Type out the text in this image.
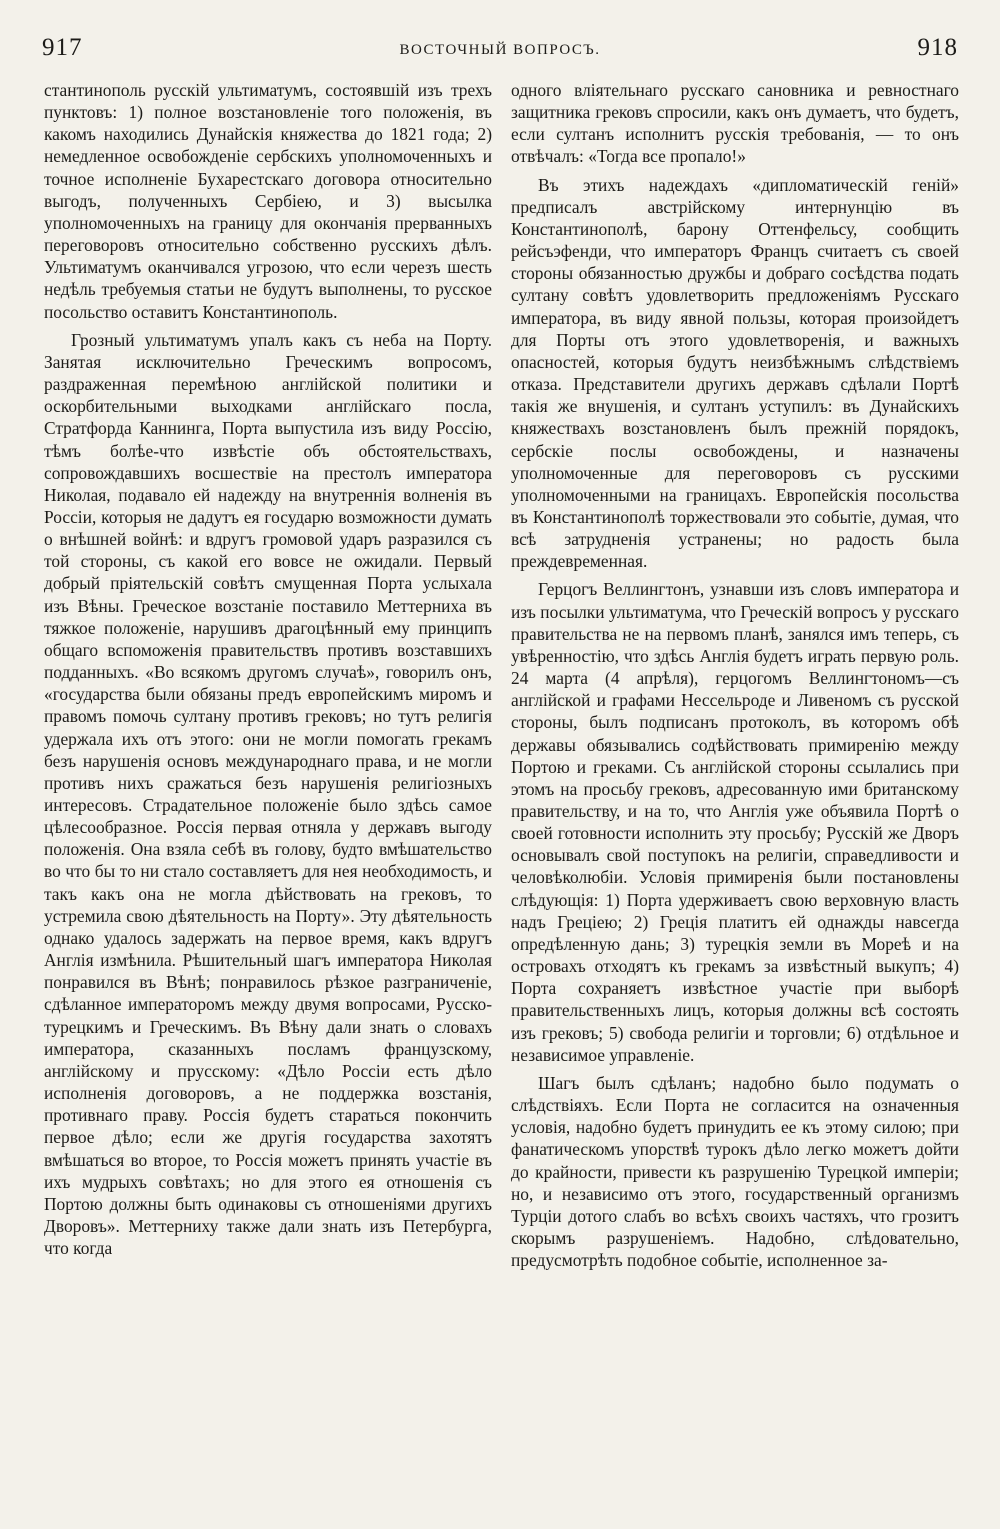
917	ВОСТОЧНЫЙ ВОПРОСЪ.	918

стантинополь русскій ультиматумъ, состоявшій изъ трехъ пунктовъ: 1) полное возстановленіе того положенія, въ какомъ находились Дунайскія княжества до 1821 года; 2) немедленное освобожденіе сербскихъ уполномоченныхъ и точное исполненіе Бухарестскаго договора относительно выгодъ, полученныхъ Сербіею, и 3) высылка уполномоченныхъ на границу для окончанія прерванныхъ переговоровъ относительно собственно русскихъ дѣлъ. Ультиматумъ оканчивался угрозою, что если черезъ шесть недѣль требуемыя статьи не будутъ выполнены, то русское посольство оставитъ Константинополь.

Грозный ультиматумъ упалъ какъ съ неба на Порту. Занятая исключительно Греческимъ вопросомъ, раздраженная перемѣною англійской политики и оскорбительными выходками англійскаго посла, Стратфорда Каннинга, Порта выпустила изъ виду Россію, тѣмъ болѣе-что извѣстіе объ обстоятельствахъ, сопровождавшихъ восшествіе на престолъ императора Николая, подавало ей надежду на внутреннія волненія въ Россіи, которыя не дадутъ ея государю возможности думать о внѣшней войнѣ: и вдругъ громовой ударъ разразился съ той стороны, съ какой его вовсе не ожидали. Первый добрый пріятельскій совѣтъ смущенная Порта услыхала изъ Вѣны. Греческое возстаніе поставило Меттерниха въ тяжкое положеніе, нарушивъ драгоцѣнный ему принципъ общаго вспоможенія правительствъ противъ возставшихъ подданныхъ. «Во всякомъ другомъ случаѣ», говорилъ онъ, «государства были обязаны предъ европейскимъ миромъ и правомъ помочь султану противъ грековъ; но тутъ религія удержала ихъ отъ этого: они не могли помогать грекамъ безъ нарушенія основъ международнаго права, и не могли противъ нихъ сражаться безъ нарушенія религіозныхъ интересовъ. Страдательное положеніе было здѣсь самое цѣлесообразное. Россія первая отняла у державъ выгоду положенія. Она взяла себѣ въ голову, будто вмѣшательство во что бы то ни стало составляетъ для нея необходимость, и такъ какъ она не могла дѣйствовать на грековъ, то устремила свою дѣятельность на Порту». Эту дѣятельность однако удалось задержать на первое время, какъ вдругъ Англія измѣнила. Рѣшительный шагъ императора Николая понравился въ Вѣнѣ; понравилось рѣзкое разграниченіе, сдѣланное императоромъ между двумя вопросами, Русско-турецкимъ и Греческимъ. Въ Вѣну дали знать о словахъ императора, сказанныхъ посламъ французскому, англійскому и прусскому: «Дѣло Россіи есть дѣло исполненія договоровъ, а не поддержка возстанія, противнаго праву. Россія будетъ стараться покончить первое дѣло; если же другія государства захотятъ вмѣшаться во второе, то Россія можетъ принять участіе въ ихъ мудрыхъ совѣтахъ; но для этого ея отношенія съ Портою должны быть одинаковы съ отношеніями другихъ Дворовъ». Меттерниху также дали знать изъ Петербурга, что когда

одного вліятельнаго русскаго сановника и ревностнаго защитника грековъ спросили, какъ онъ думаетъ, что будетъ, если султанъ исполнитъ русскія требованія, — то онъ отвѣчалъ: «Тогда все пропало!»

Въ этихъ надеждахъ «дипломатическій геній» предписалъ австрійскому интернунцію въ Константинополѣ, барону Оттенфельсу, сообщить рейсъэфенди, что императоръ Францъ считаетъ съ своей стороны обязанностью дружбы и добраго сосѣдства подать султану совѣтъ удовлетворить предложеніямъ Русскаго императора, въ виду явной пользы, которая произойдетъ для Порты отъ этого удовлетворенія, и важныхъ опасностей, которыя будутъ неизбѣжнымъ слѣдствіемъ отказа. Представители другихъ державъ сдѣлали Портѣ такія же внушенія, и султанъ уступилъ: въ Дунайскихъ княжествахъ возстановленъ былъ прежній порядокъ, сербскіе послы освобождены, и назначены уполномоченные для переговоровъ съ русскими уполномоченными на границахъ. Европейскія посольства въ Константинополѣ торжествовали это событіе, думая, что всѣ затрудненія устранены; но радость была преждевременная.

Герцогъ Веллингтонъ, узнавши изъ словъ императора и изъ посылки ультиматума, что Греческій вопросъ у русскаго правительства не на первомъ планѣ, занялся имъ теперь, съ увѣренностію, что здѣсь Англія будетъ играть первую роль. 24 марта (4 апрѣля), герцогомъ Веллингтономъ—съ англійской и графами Нессельроде и Ливеномъ съ русской стороны, былъ подписанъ протоколъ, въ которомъ обѣ державы обязывались содѣйствовать примиренію между Портою и греками. Съ англійской стороны ссылались при этомъ на просьбу грековъ, адресованную ими британскому правительству, и на то, что Англія уже объявила Портѣ о своей готовности исполнить эту просьбу; Русскій же Дворъ основывалъ свой поступокъ на религіи, справедливости и человѣколюбіи. Условія примиренія были постановлены слѣдующія: 1) Порта удерживаетъ свою верховную власть надъ Греціею; 2) Греція платитъ ей однажды навсегда опредѣленную дань; 3) турецкія земли въ Мореѣ и на островахъ отходятъ къ грекамъ за извѣстный выкупъ; 4) Порта сохраняетъ извѣстное участіе при выборѣ правительственныхъ лицъ, которыя должны всѣ состоять изъ грековъ; 5) свобода религіи и торговли; 6) отдѣльное и независимое управленіе.

Шагъ былъ сдѣланъ; надобно было подумать о слѣдствіяхъ. Если Порта не согласится на означенныя условія, надобно будетъ принудить ее къ этому силою; при фанатическомъ упорствѣ турокъ дѣло легко можетъ дойти до крайности, привести къ разрушенію Турецкой имперіи; но, и независимо отъ этого, государственный организмъ Турціи дотого слабъ во всѣхъ своихъ частяхъ, что грозитъ скорымъ разрушеніемъ. Надобно, слѣдовательно, предусмотрѣть подобное событіе, исполненное за-
